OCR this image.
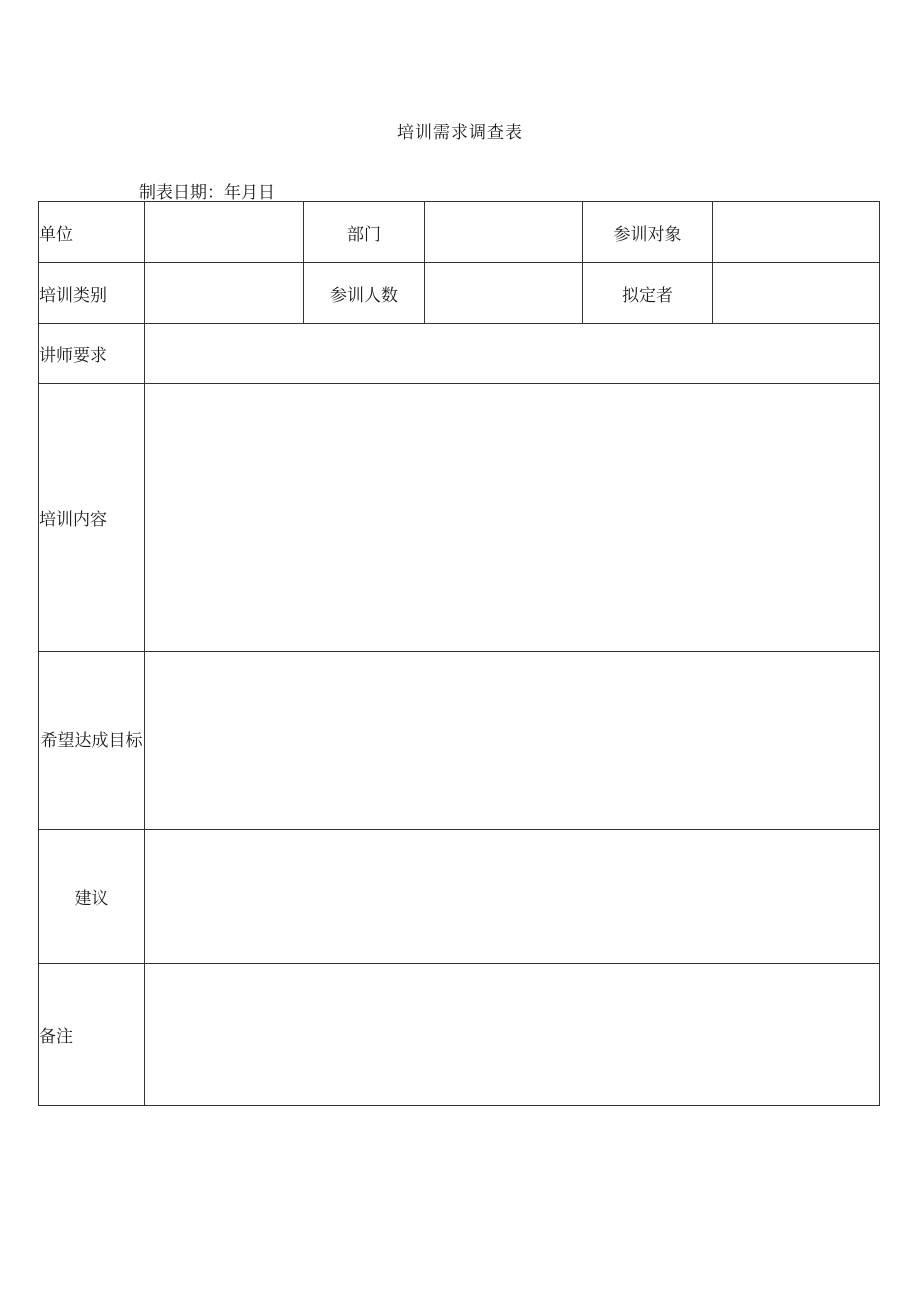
培训需求调查表
制表日期：年月日
单位		部门		参训对象	
培训类别		参训人数		拟定者	
讲师要求					
培训内容					
希望达成目标					
建议					
备注					
